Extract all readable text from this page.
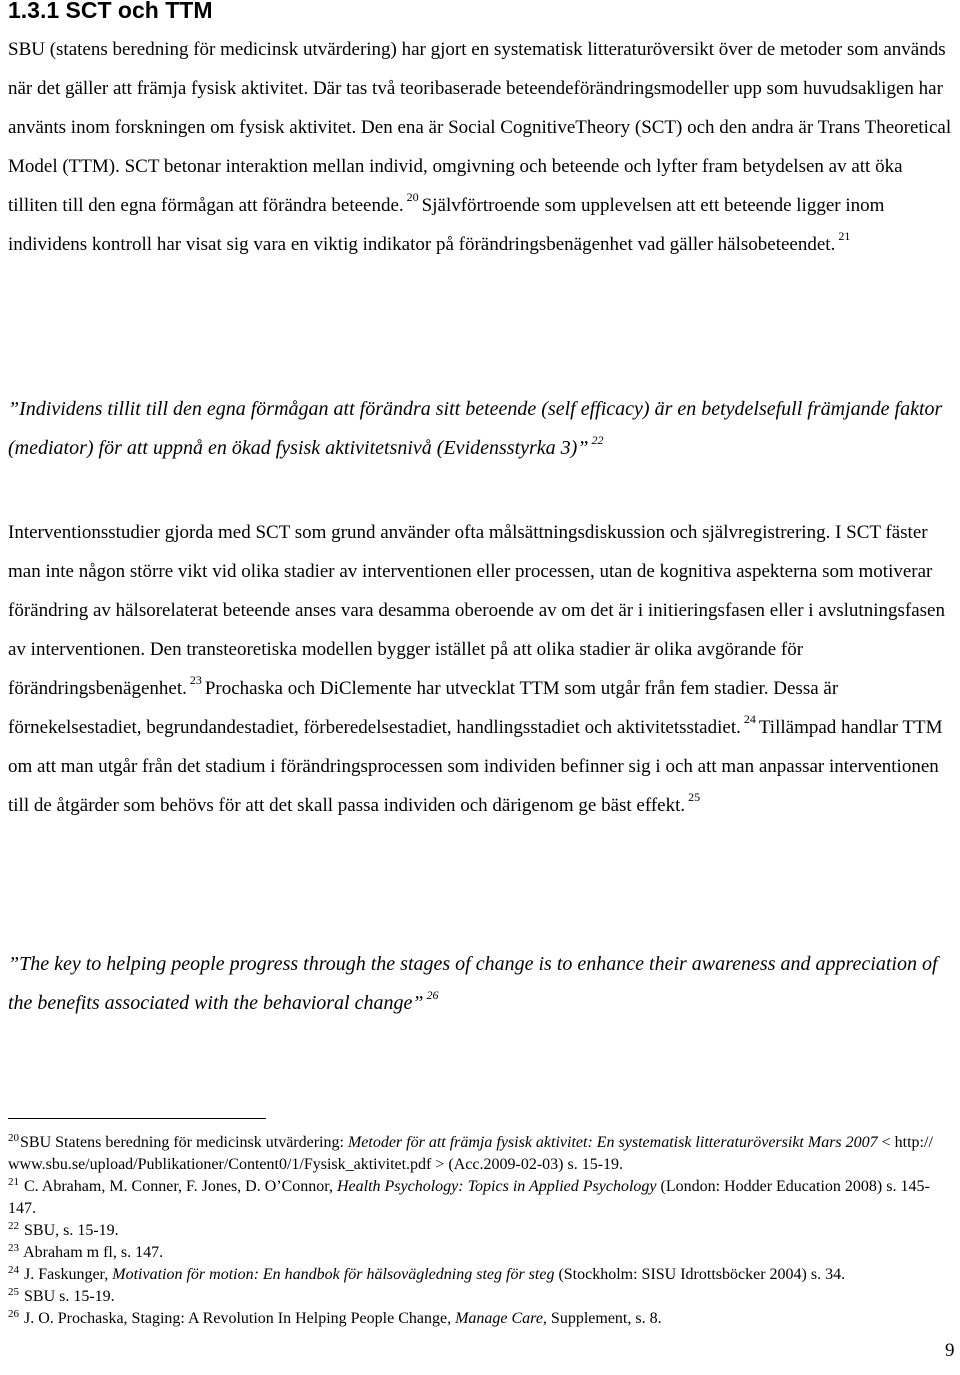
1.3.1 SCT och TTM

SBU (statens beredning för medicinsk utvärdering) har gjort en systematisk litteraturöversikt över de metoder som används när det gäller att främja fysisk aktivitet. Där tas två teoribaserade beteendeförändringsmodeller upp som huvudsakligen har använts inom forskningen om fysisk aktivitet. Den ena är Social CognitiveTheory (SCT) och den andra är Trans Theoretical Model (TTM). SCT betonar interaktion mellan individ, omgivning och beteende och lyfter fram betydelsen av att öka tilliten till den egna förmågan att förändra beteende. $^{20}$ Självförtroende som upplevelsen att ett beteende ligger inom individens kontroll har visat sig vara en viktig indikator på förändringsbenägenhet vad gäller hälsobeteendet. $^{21}$

”Individens tillit till den egna förmågan att förändra sitt beteende (self efficacy) är en betydelsefull främjande faktor (mediator) för att uppnå en ökad fysisk aktivitetsnivå (Evidensstyrka 3)” $^{22}$

Interventionsstudier gjorda med SCT som grund använder ofta målsättningsdiskussion och självregistrering. I SCT fäster man inte någon större vikt vid olika stadier av interventionen eller processen, utan de kognitiva aspekterna som motiverar förändring av hälsorelaterat beteende anses vara desamma oberoende av om det är i initieringsfasen eller i avslutningsfasen av interventionen. Den transteoretiska modellen bygger istället på att olika stadier är olika avgörande för förändringsbenägenhet. $^{23}$ Prochaska och DiClemente har utvecklat TTM som utgår från fem stadier. Dessa är förnekelsestadiet, begrundandestadiet, förberedelsestadiet, handlingsstadiet och aktivitetsstadiet. $^{24}$ Tillämpad handlar TTM om att man utgår från det stadium i förändringsprocessen som individen befinner sig i och att man anpassar interventionen till de åtgärder som behövs för att det skall passa individen och därigenom ge bäst effekt. $^{25}$

”The key to helping people progress through the stages of change is to enhance their awareness and appreciation of the benefits associated with the behavioral change” $^{26}$

$^{20}$SBU Statens beredning för medicinsk utvärdering: Metoder för att främja fysisk aktivitet: En systematisk litteraturöversikt Mars 2007 < http:// www.sbu.se/upload/Publikationer/Content0/1/Fysisk_aktivitet.pdf > (Acc.2009-02-03) s. 15-19.

$^{21}$ C. Abraham, M. Conner, F. Jones, D. O’Connor, Health Psychology: Topics in Applied Psychology (London: Hodder Education 2008) s. 145-147.

$^{22}$ SBU, s. 15-19.

$^{23}$ Abraham m fl, s. 147.

$^{24}$ J. Faskunger, Motivation för motion: En handbok för hälsovägledning steg för steg (Stockholm: SISU Idrottsböcker 2004) s. 34.

$^{25}$ SBU s. 15-19.

$^{26}$ J. O. Prochaska, Staging: A Revolution In Helping People Change, Manage Care, Supplement, s. 8.

9
